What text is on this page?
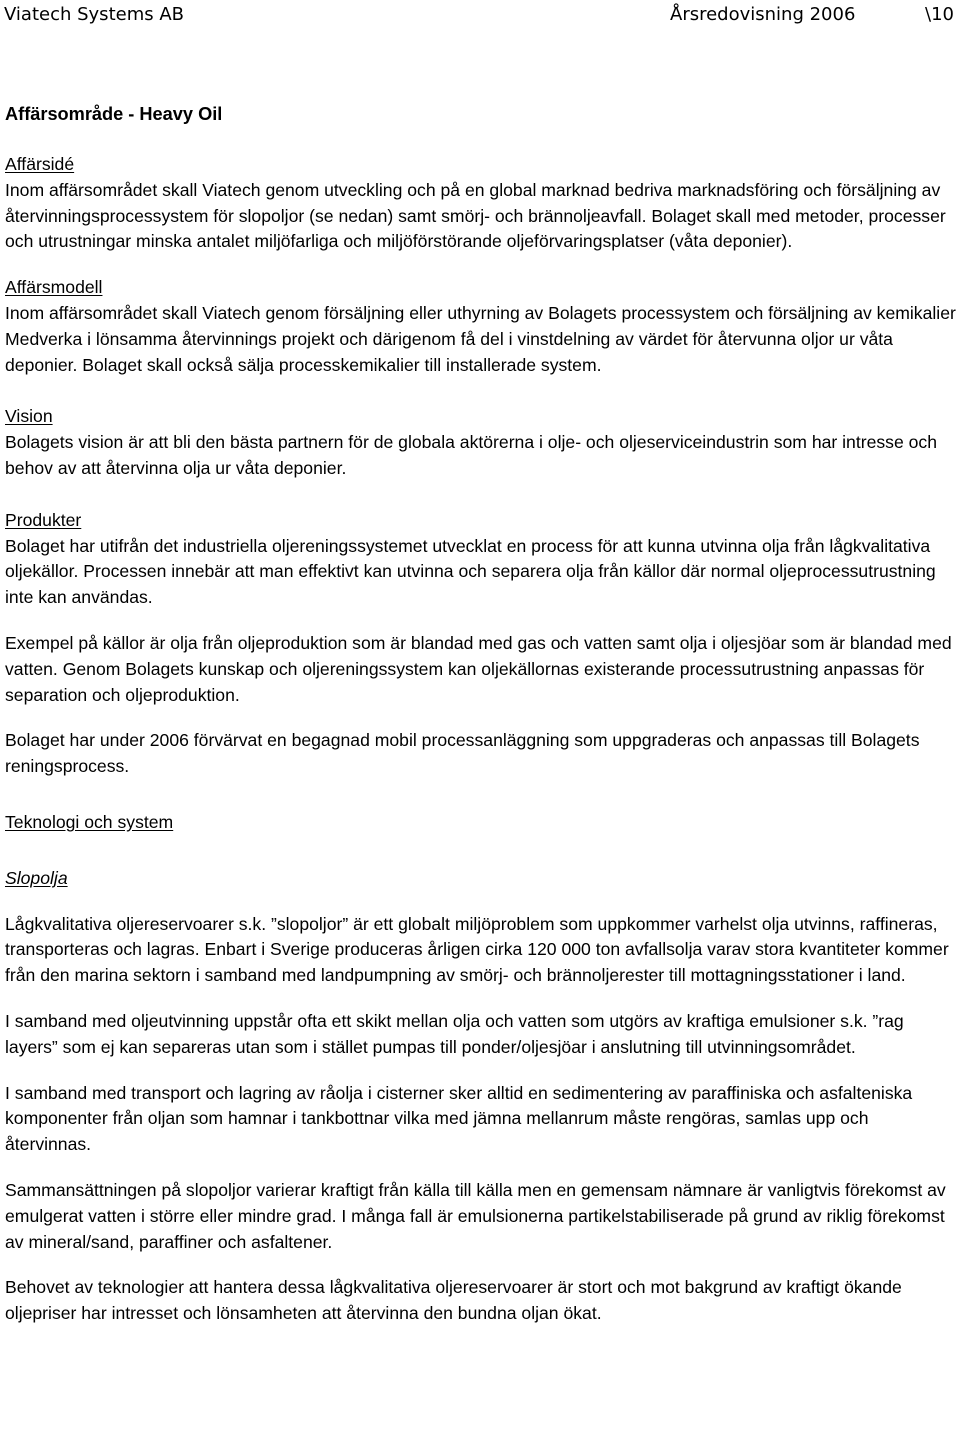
Viatech Systems AB	Årsredovisning 2006	\10

Affärsområde - Heavy Oil

Affärsidé

Inom affärsområdet skall Viatech genom utveckling och på en global marknad bedriva marknadsföring och försäljning av återvinningsprocessystem för slopoljor (se nedan) samt smörj- och brännoljeavfall. Bolaget skall med metoder, processer och utrustningar minska antalet miljöfarliga och miljöförstörande oljeförvaringsplatser (våta deponier).

Affärsmodell

Inom affärsområdet skall Viatech genom försäljning eller uthyrning av Bolagets processystem och försäljning av kemikalier Medverka i lönsamma återvinnings projekt och därigenom få del i vinstdelning av värdet för återvunna oljor ur våta deponier. Bolaget skall också sälja processkemikalier till installerade system.

Vision

Bolagets vision är att bli den bästa partnern för de globala aktörerna i olje- och oljeserviceindustrin som har intresse och behov av att återvinna olja ur våta deponier.

Produkter

Bolaget har utifrån det industriella oljereningssystemet utvecklat en process för att kunna utvinna olja från lågkvalitativa oljekällor. Processen innebär att man effektivt kan utvinna och separera olja från källor där normal oljeprocessutrustning inte kan användas.

Exempel på källor är olja från oljeproduktion som är blandad med gas och vatten samt olja i oljesjöar som är blandad med vatten. Genom Bolagets kunskap och oljereningssystem kan oljekällornas existerande processutrustning anpassas för separation och oljeproduktion.

Bolaget har under 2006 förvärvat en begagnad mobil processanläggning som uppgraderas och anpassas till Bolagets reningsprocess.

Teknologi och system

Slopolja

Lågkvalitativa oljereservoarer s.k. ”slopoljor” är ett globalt miljöproblem som uppkommer varhelst olja utvinns, raffineras, transporteras och lagras. Enbart i Sverige produceras årligen cirka 120 000 ton avfallsolja varav stora kvantiteter kommer från den marina sektorn i samband med landpumpning av smörj- och brännoljerester till mottagningsstationer i land.

I samband med oljeutvinning uppstår ofta ett skikt mellan olja och vatten som utgörs av kraftiga emulsioner s.k. ”rag layers” som ej kan separeras utan som i stället pumpas till ponder/oljesjöar i anslutning till utvinningsområdet.

I samband med transport och lagring av råolja i cisterner sker alltid en sedimentering av paraffiniska och asfalteniska komponenter från oljan som hamnar i tankbottnar vilka med jämna mellanrum måste rengöras, samlas upp och återvinnas.

Sammansättningen på slopoljor varierar kraftigt från källa till källa men en gemensam nämnare är vanligtvis förekomst av emulgerat vatten i större eller mindre grad. I många fall är emulsionerna partikelstabiliserade på grund av riklig förekomst av mineral/sand, paraffiner och asfaltener.

Behovet av teknologier att hantera dessa lågkvalitativa oljereservoarer är stort och mot bakgrund av kraftigt ökande oljepriser har intresset och lönsamheten att återvinna den bundna oljan ökat.
